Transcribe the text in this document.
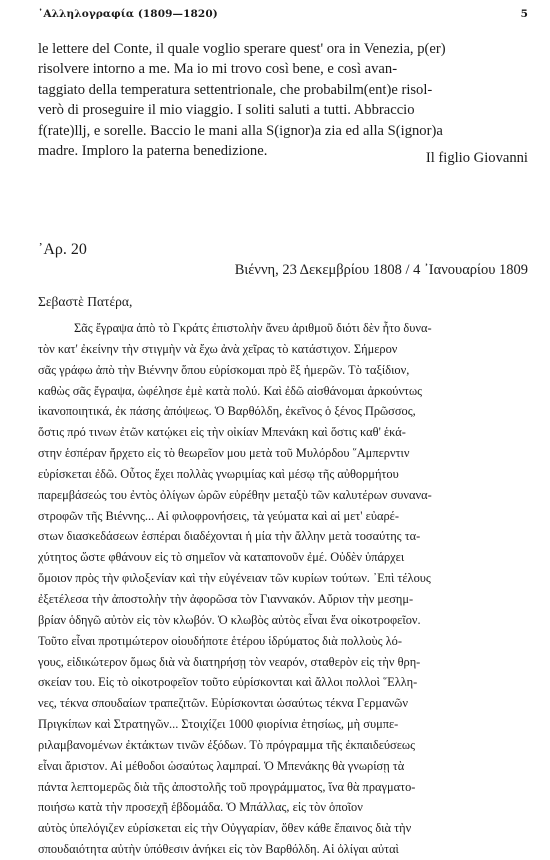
᾿Αλληλογραφία (1809—1820)	5
le lettere del Conte, il quale voglio sperare quest' ora in Venezia, p(er)
risolvere intorno a me. Ma io mi trovo così bene, e così avan-
taggiato della temperatura settentrionale, che probabilm(ent)e risol-
verò di proseguire il mio viaggio. I soliti saluti a tutti. Abbraccio
f(rate)llj, e sorelle. Baccio le mani alla S(ignor)a zia ed alla S(ignor)a
madre. Imploro la paterna benedizione.	Il figlio Giovanni
᾿Αρ. 20
Βιέννη, 23 Δεκεμβρίου 1808 / 4 ᾿Ιανουαρίου 1809
Σεβαστὲ Πατέρα,
Σᾶς ἔγραψα ἀπὸ τὸ Γκράτς ἐπιστολὴν ἄνευ ἀριθμοῦ διότι δὲν ἦτο δυνα-
τὸν κατ' ἐκείνην τὴν στιγμὴν νὰ ἔχω ἀνὰ χεῖρας τὸ κατάστιχον. Σήμερον
σᾶς γράφω ἀπὸ τὴν Βιέννην ὅπου εὑρίσκομαι πρὸ ἓξ ἡμερῶν. Τὸ ταξίδιον,
καθὼς σᾶς ἔγραψα, ὠφέλησε ἐμὲ κατὰ πολύ. Καὶ ἐδῶ αἰσθάνομαι ἀρκούντως
ἱκανοποιητικά, ἐκ πάσης ἀπόψεως. Ὁ Βαρθόλδη, ἐκεῖνος ὁ ξένος Πρῶσσος,
ὅστις πρό τινων ἐτῶν κατῴκει εἰς τὴν οἰκίαν Μπενάκη καὶ ὅστις καθ' ἑκά-
στην ἑσπέραν ἤρχετο εἰς τὸ θεωρεῖον μου μετὰ τοῦ Μυλόρδου ῞Αμπερντιν
εὑρίσκεται ἐδῶ. Οὗτος ἔχει πολλὰς γνωριμίας καὶ μέσῳ τῆς αὐθορμήτου
παρεμβάσεώς του ἐντὸς ὀλίγων ὡρῶν εὑρέθην μεταξὺ τῶν καλυτέρων συνανα-
στροφῶν τῆς Βιέννης... Αἱ φιλοφρονήσεις, τὰ γεύματα καὶ αἱ μετ' εὐαρέ-
στων διασκεδάσεων ἑσπέραι διαδέχονται ἡ μία τὴν ἄλλην μετὰ τοσαύτης τα-
χύτητος ὥστε φθάνουν εἰς τὸ σημεῖον νὰ καταπονοῦν ἐμέ. Οὐδὲν ὑπάρχει
ὅμοιον πρὸς τὴν φιλοξενίαν καὶ τὴν εὐγένειαν τῶν κυρίων τούτων. ᾿Επὶ τέλους
ἐξετέλεσα τὴν ἀποστολὴν τὴν ἀφορῶσα τὸν Γιαννακόν. Αὔριον τὴν μεσημ-
βρίαν ὁδηγῶ αὐτὸν εἰς τὸν κλωβόν. Ὁ κλωβὸς αὐτὸς εἶναι ἕνα οἰκοτροφεῖον.
Τοῦτο εἶναι προτιμώτερον οἱουδήποτε ἑτέρου ἱδρύματος διὰ πολλοὺς λό-
γους, εἰδικώτερον ὅμως διὰ νὰ διατηρήσῃ τὸν νεαρόν, σταθερὸν εἰς τὴν θρη-
σκείαν του. Εἰς τὸ οἰκοτροφεῖον τοῦτο εὑρίσκονται καὶ ἄλλοι πολλοὶ ῞Ελλη-
νες, τέκνα σπουδαίων τραπεζιτῶν. Εὑρίσκονται ὡσαύτως τέκνα Γερμανῶν
Πριγκίπων καὶ Στρατηγῶν... Στοιχίζει 1000 φιορίνια ἐτησίως, μὴ συμπε-
ριλαμβανομένων ἐκτάκτων τινῶν ἐξόδων. Τὸ πρόγραμμα τῆς ἐκπαιδεύσεως
εἶναι ἄριστον. Αἱ μέθοδοι ὡσαύτως λαμπραί. Ὁ Μπενάκης θὰ γνωρίσῃ τὰ
πάντα λεπτομερῶς διὰ τῆς ἀποστολῆς τοῦ προγράμματος, ἵνα θὰ πραγματο-
ποιήσω κατὰ τὴν προσεχῆ ἑβδομάδα. Ὁ Μπάλλας, εἰς τὸν ὁποῖον
αὐτὸς ὑπελόγιζεν εὑρίσκεται εἰς τὴν Οὐγγαρίαν, ὅθεν κάθε ἔπαινος διὰ τὴν
σπουδαιότητα αὐτὴν ὑπόθεσιν ἀνήκει εἰς τὸν Βαρθόλδη. Αἱ ὀλίγαι αὐταὶ
